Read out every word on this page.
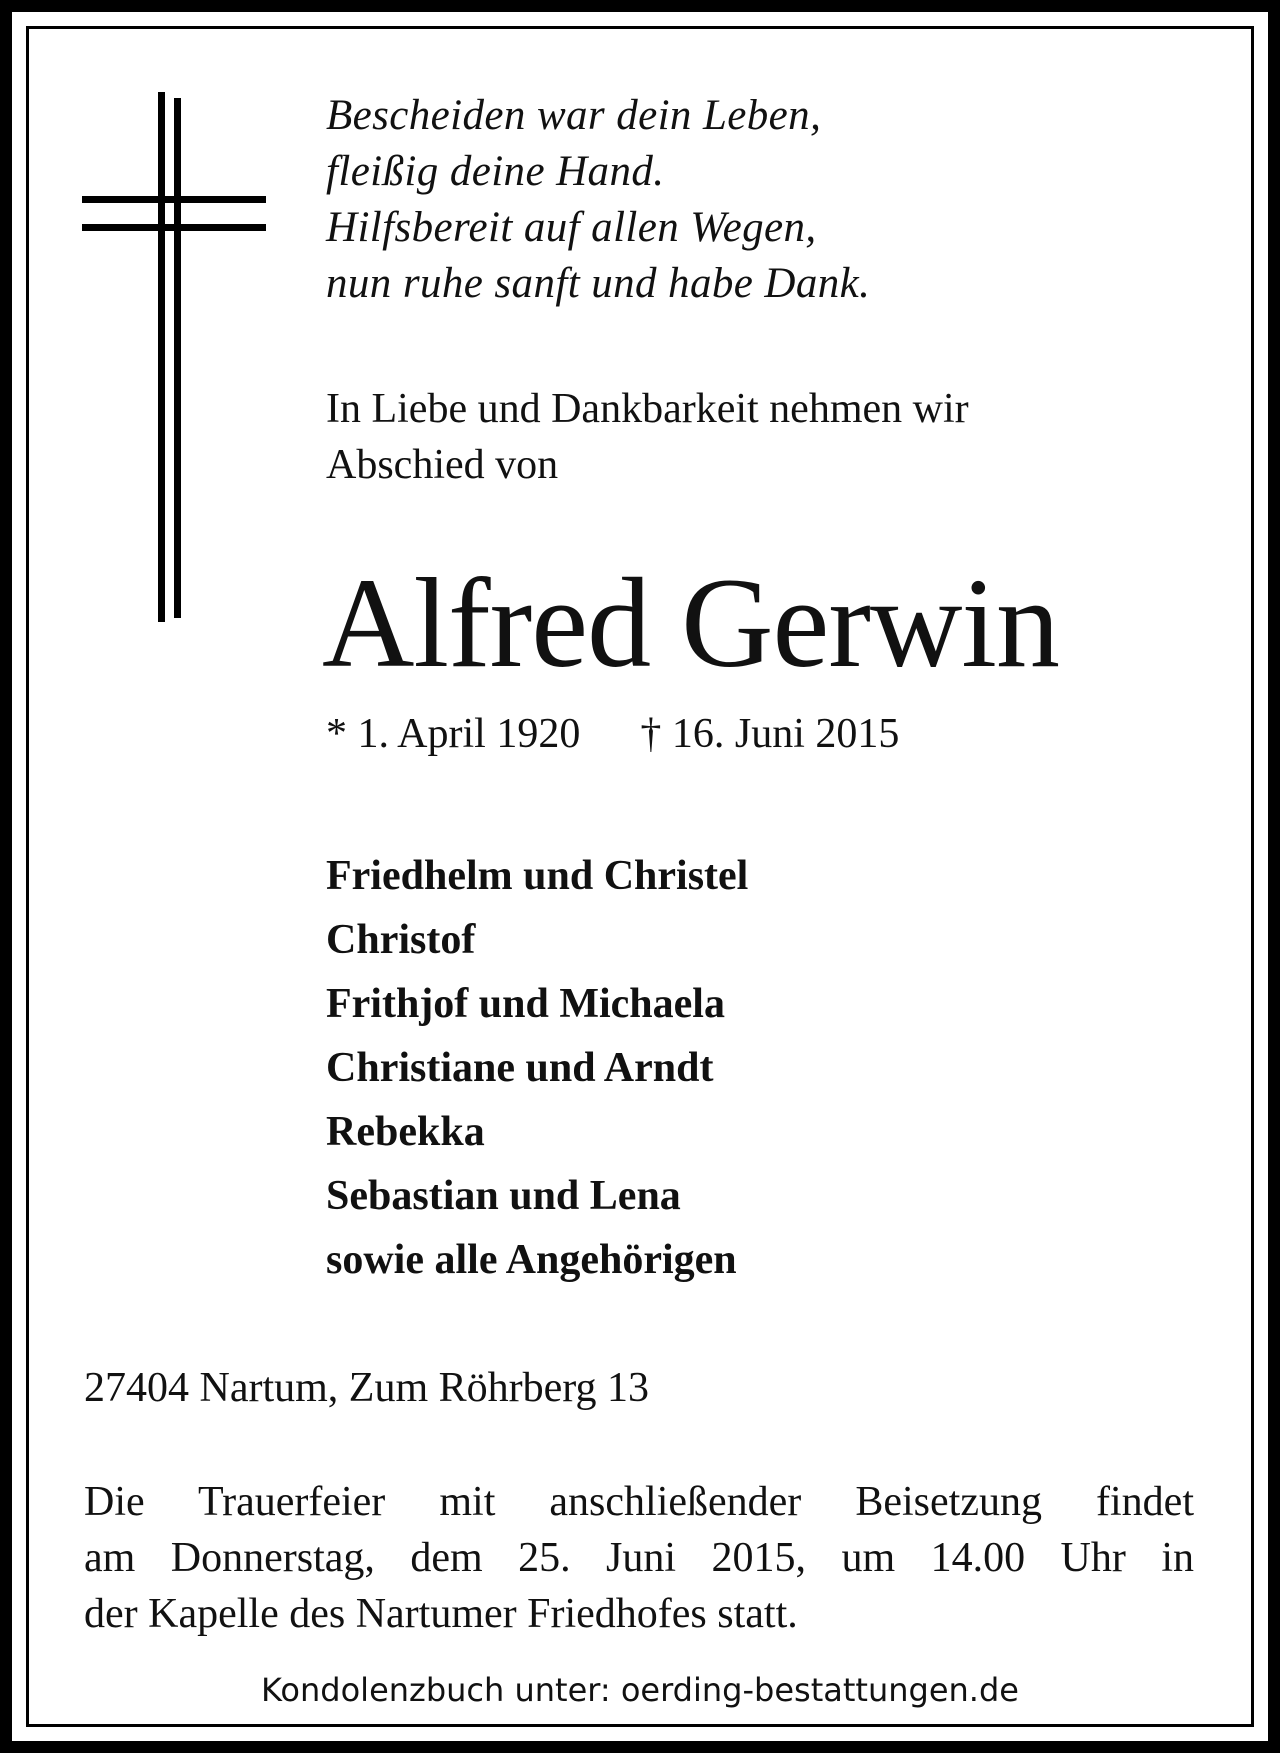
Bescheiden war dein Leben,
fleißig deine Hand.
Hilfsbereit auf allen Wegen,
nun ruhe sanft und habe Dank.
In Liebe und Dankbarkeit nehmen wir
Abschied von
Alfred Gerwin
* 1. April 1920 † 16. Juni 2015
Friedhelm und Christel
Christof
Frithjof und Michaela
Christiane und Arndt
Rebekka
Sebastian und Lena
sowie alle Angehörigen
27404 Nartum, Zum Röhrberg 13
Die Trauerfeier mit anschließender Beisetzung findet
am Donnerstag, dem 25. Juni 2015, um 14.00 Uhr in
der Kapelle des Nartumer Friedhofes statt.
Kondolenzbuch unter: oerding-bestattungen.de
